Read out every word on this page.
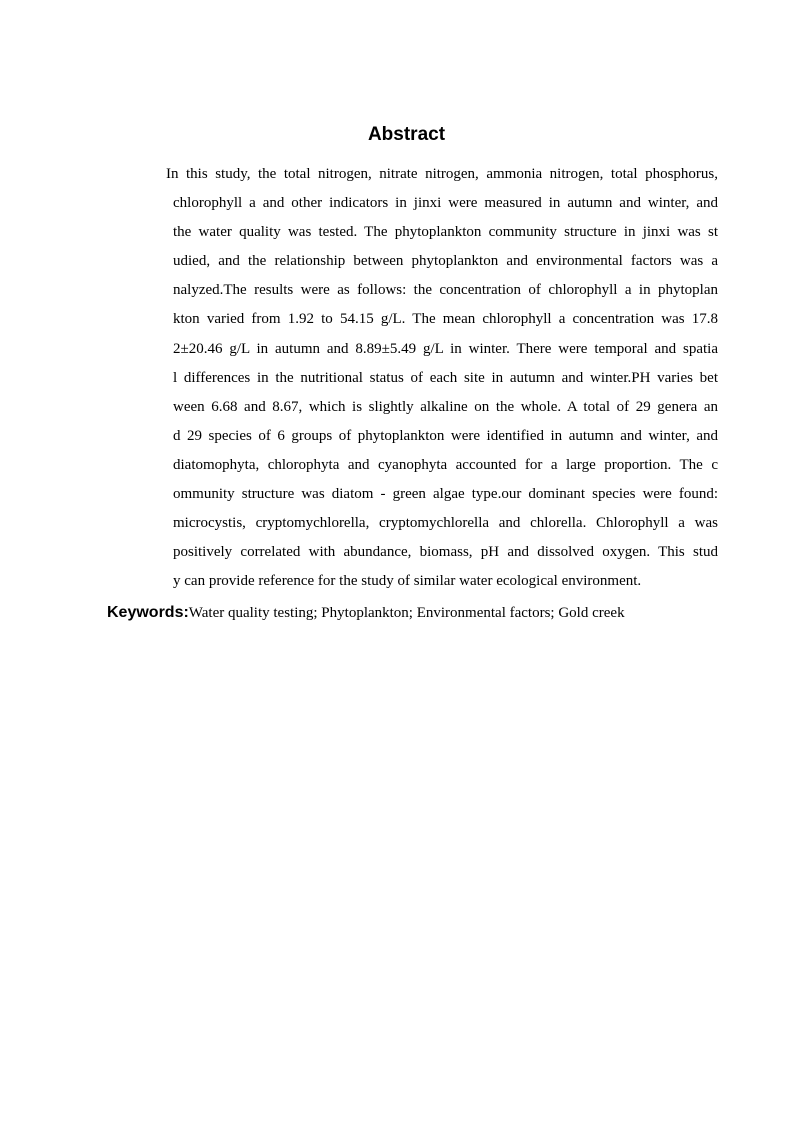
Abstract
In this study, the total nitrogen, nitrate nitrogen, ammonia nitrogen, total phosphorus,
chlorophyll a and other indicators in jinxi were measured in autumn and winter, and
the water quality was tested. The phytoplankton community structure in jinxi was st
udied, and the relationship between phytoplankton and environmental factors was a
nalyzed.The results were as follows: the concentration of chlorophyll a in phytoplan
kton varied from 1.92 to 54.15 g/L. The mean chlorophyll a concentration was 17.8
2±20.46 g/L in autumn and 8.89±5.49 g/L in winter. There were temporal and spatia
l differences in the nutritional status of each site in autumn and winter.PH varies bet
ween 6.68 and 8.67, which is slightly alkaline on the whole. A total of 29 genera an
d 29 species of 6 groups of phytoplankton were identified in autumn and winter, and
diatomophyta, chlorophyta and cyanophyta accounted for a large proportion. The c
ommunity structure was diatom - green algae type.our dominant species were found:
microcystis, cryptomychlorella, cryptomychlorella and chlorella. Chlorophyll a was
positively correlated with abundance, biomass, pH and dissolved oxygen. This stud
y can provide reference for the study of similar water ecological environment.

Keywords:Water quality testing; Phytoplankton; Environmental factors; Gold creek
